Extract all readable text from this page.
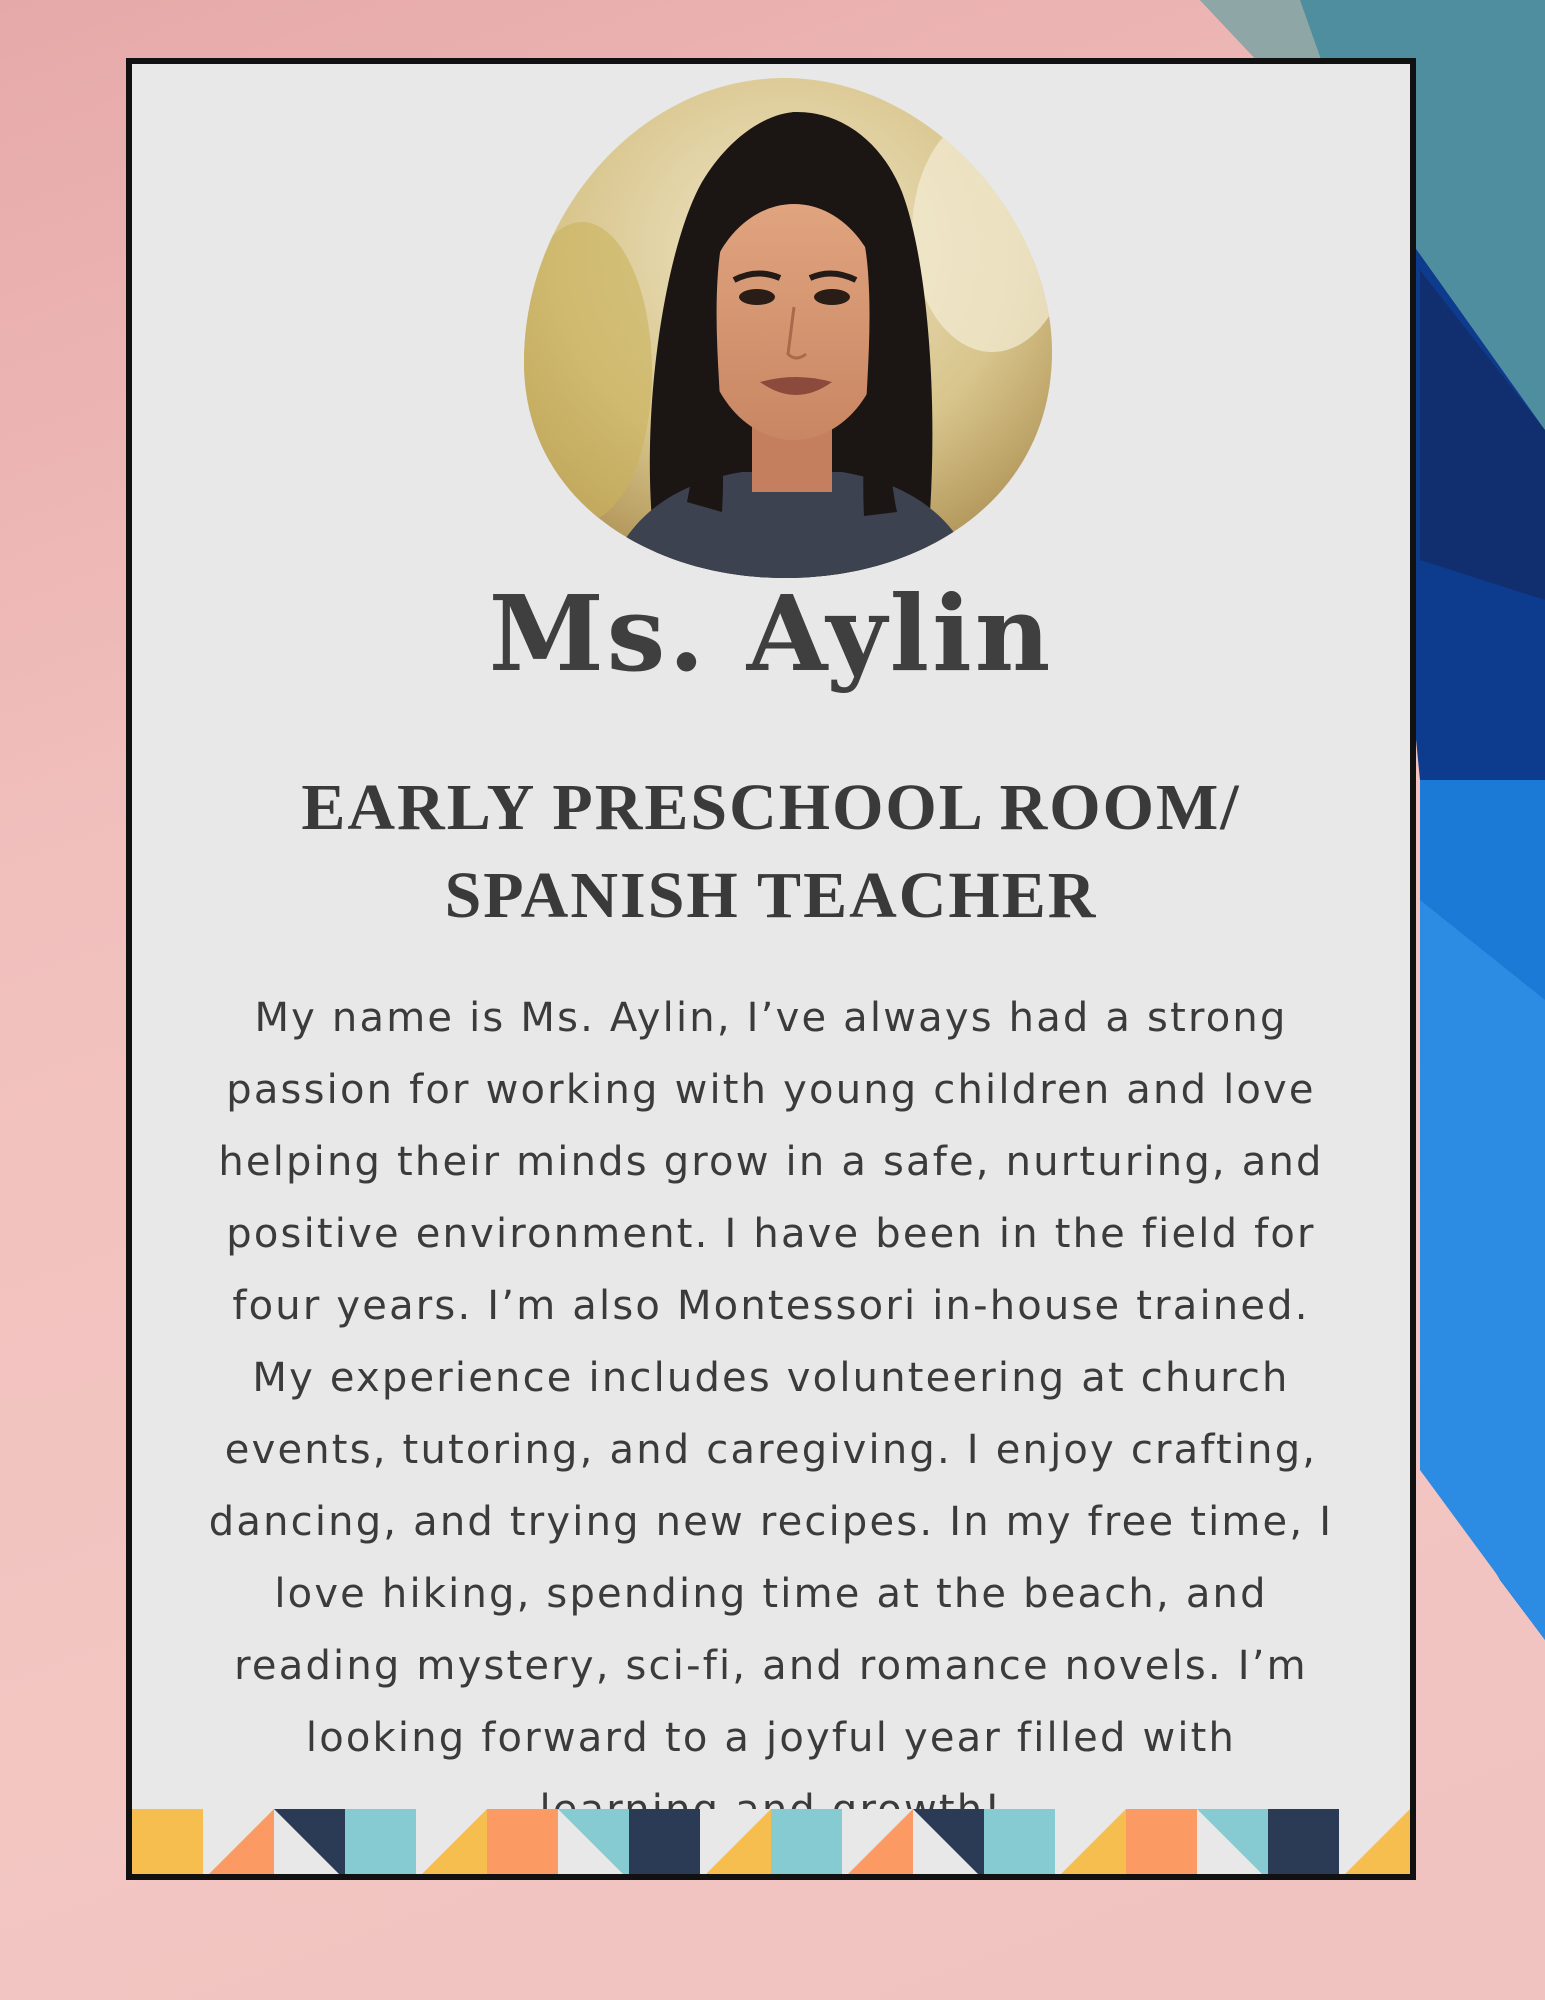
Ms. Aylin
EARLY PRESCHOOL ROOM/
SPANISH TEACHER
My name is Ms. Aylin, I’ve always had a strong
passion for working with young children and love
helping their minds grow in a safe, nurturing, and
positive environment. I have been in the field for
four years. I’m also Montessori in-house trained.
My experience includes volunteering at church
events, tutoring, and caregiving. I enjoy crafting,
dancing, and trying new recipes. In my free time, I
love hiking, spending time at the beach, and
reading mystery, sci-fi, and romance novels. I’m
looking forward to a joyful year filled with
